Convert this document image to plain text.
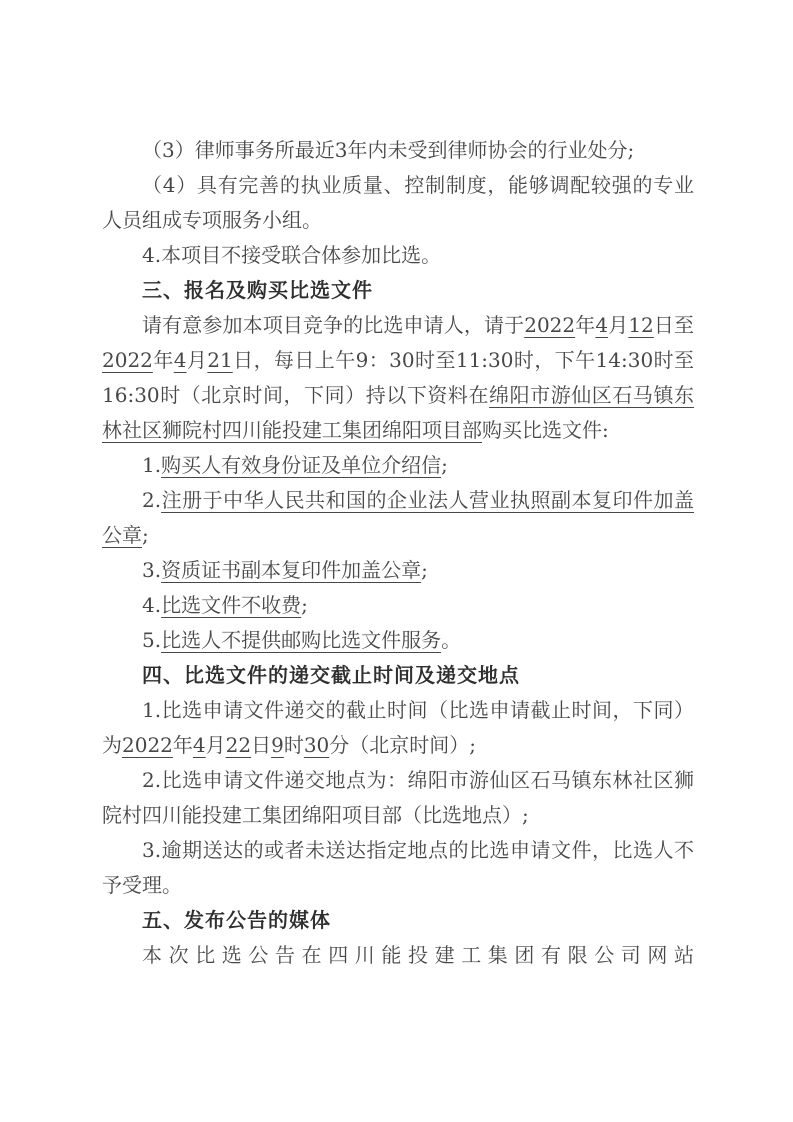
（3）律师事务所最近3年内未受到律师协会的行业处分;

（4）具有完善的执业质量、控制制度，能够调配较强的专业人员组成专项服务小组。

4.本项目不接受联合体参加比选。

三、报名及购买比选文件

请有意参加本项目竞争的比选申请人，请于2022年4月12日至2022年4月21日，每日上午9：30时至11:30时，下午14:30时至16:30时（北京时间，下同）持以下资料在绵阳市游仙区石马镇东林社区狮院村四川能投建工集团绵阳项目部购买比选文件:

1.购买人有效身份证及单位介绍信;

2.注册于中华人民共和国的企业法人营业执照副本复印件加盖公章;

3.资质证书副本复印件加盖公章;

4.比选文件不收费;

5.比选人不提供邮购比选文件服务。

四、比选文件的递交截止时间及递交地点

1.比选申请文件递交的截止时间（比选申请截止时间，下同）为2022年4月22日9时30分（北京时间）;

2.比选申请文件递交地点为：绵阳市游仙区石马镇东林社区狮院村四川能投建工集团绵阳项目部（比选地点）;

3.逾期送达的或者未送达指定地点的比选申请文件，比选人不予受理。

五、发布公告的媒体

本次比选公告在四川能投建工集团有限公司网站
